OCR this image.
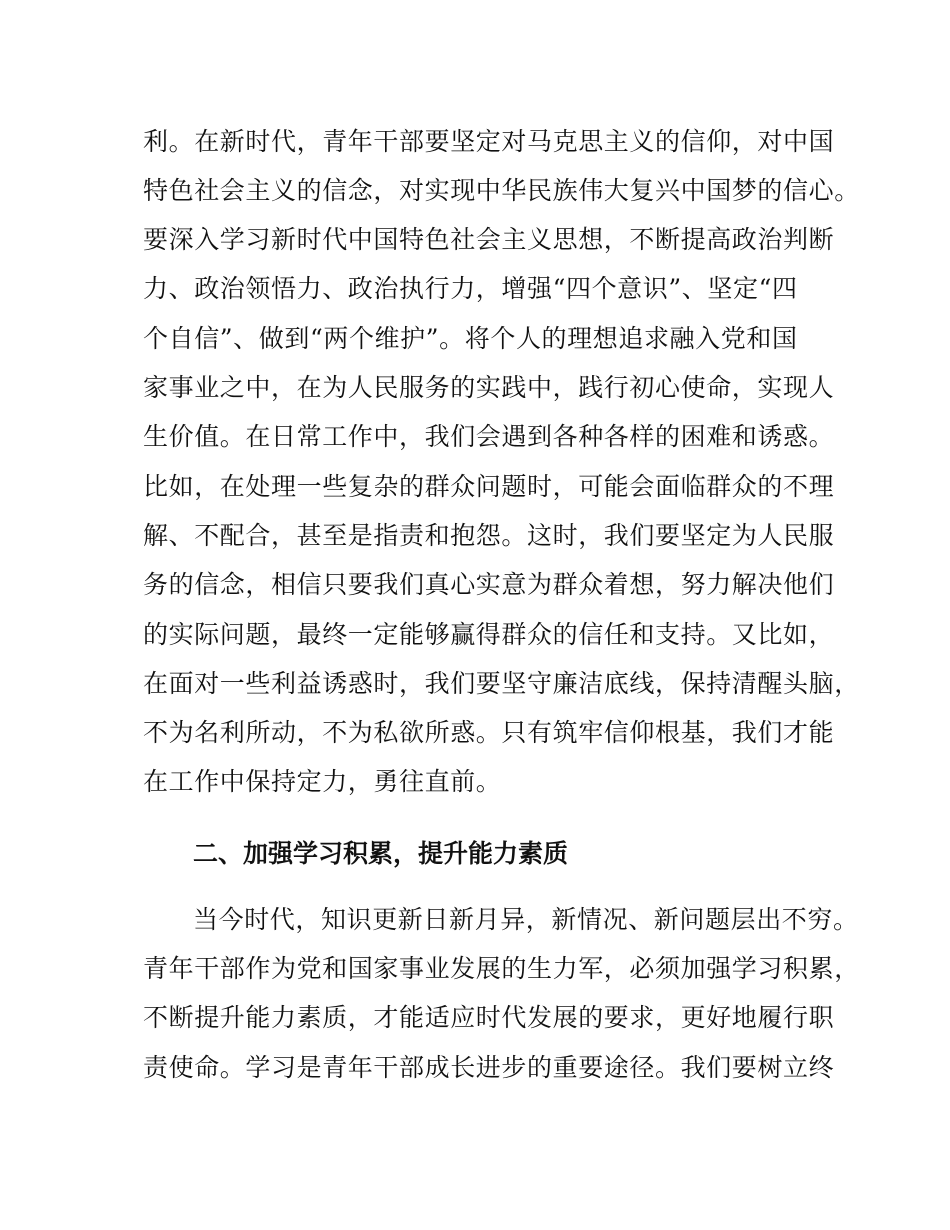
利。在新时代，青年干部要坚定对马克思主义的信仰，对中国
特色社会主义的信念，对实现中华民族伟大复兴中国梦的信心。
要深入学习新时代中国特色社会主义思想，不断提高政治判断
力、政治领悟力、政治执行力，增强“四个意识”、坚定“四
个自信”、做到“两个维护”。将个人的理想追求融入党和国
家事业之中，在为人民服务的实践中，践行初心使命，实现人
生价值。在日常工作中，我们会遇到各种各样的困难和诱惑。
比如，在处理一些复杂的群众问题时，可能会面临群众的不理
解、不配合，甚至是指责和抱怨。这时，我们要坚定为人民服
务的信念，相信只要我们真心实意为群众着想，努力解决他们
的实际问题，最终一定能够赢得群众的信任和支持。又比如，
在面对一些利益诱惑时，我们要坚守廉洁底线，保持清醒头脑，
不为名利所动，不为私欲所惑。只有筑牢信仰根基，我们才能
在工作中保持定力，勇往直前。
二、加强学习积累，提升能力素质
当今时代，知识更新日新月异，新情况、新问题层出不穷。
青年干部作为党和国家事业发展的生力军，必须加强学习积累，
不断提升能力素质，才能适应时代发展的要求，更好地履行职
责使命。学习是青年干部成长进步的重要途径。我们要树立终
